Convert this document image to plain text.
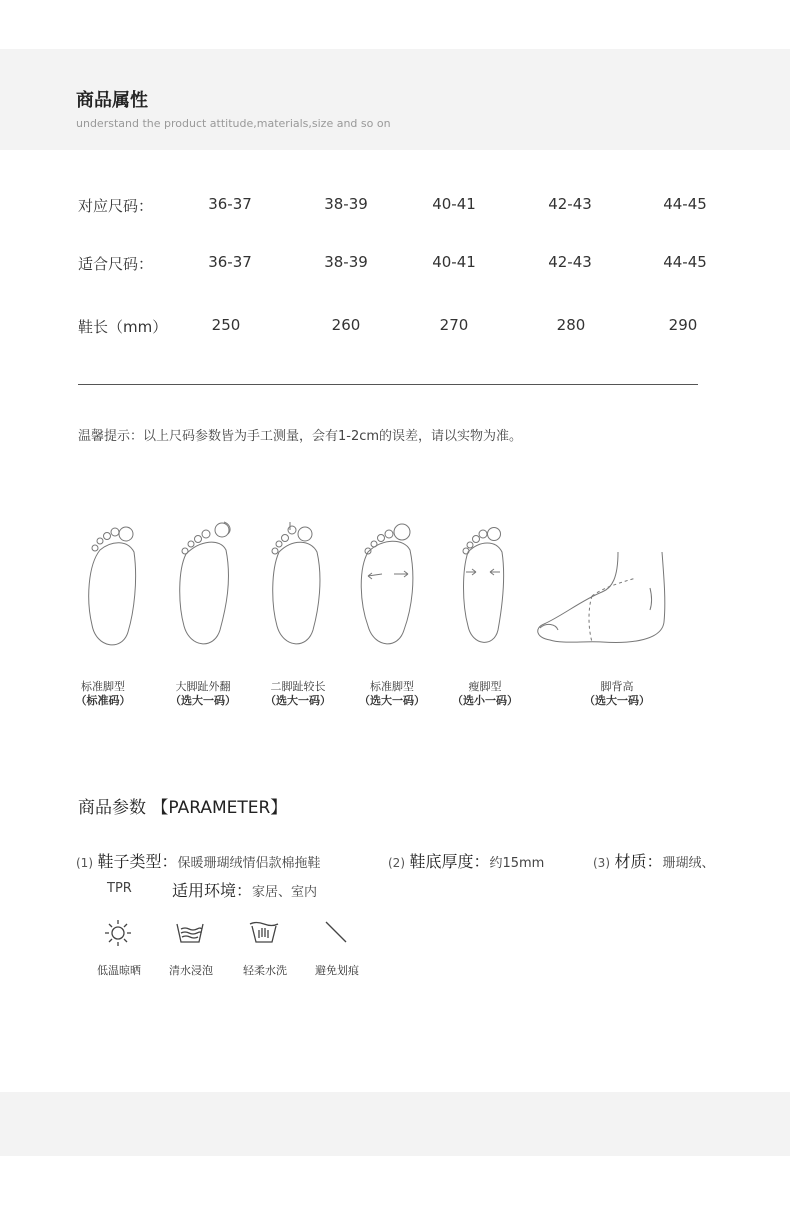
商品属性
understand the product attitude,materials,size and so on
对应尺码：	36-37	38-39	40-41	42-43	44-45
适合尺码：	36-37	38-39	40-41	42-43	44-45
鞋长（mm）	250	260	270	280	290
温馨提示：以上尺码参数皆为手工测量，会有1-2cm的误差，请以实物为准。
标准脚型
（标准码）
大脚趾外翻
（选大一码）
二脚趾较长
（选大一码）
标准脚型
（选大一码）
瘦脚型
（选小一码）
脚背高
（选大一码）
商品参数 【PARAMETER】
(1) 鞋子类型：保暖珊瑚绒情侣款棉拖鞋	(2) 鞋底厚度：约15mm	(3) 材质：珊瑚绒、
TPR	适用环境：家居、室内
低温晾晒	清水浸泡	轻柔水洗	避免划痕
